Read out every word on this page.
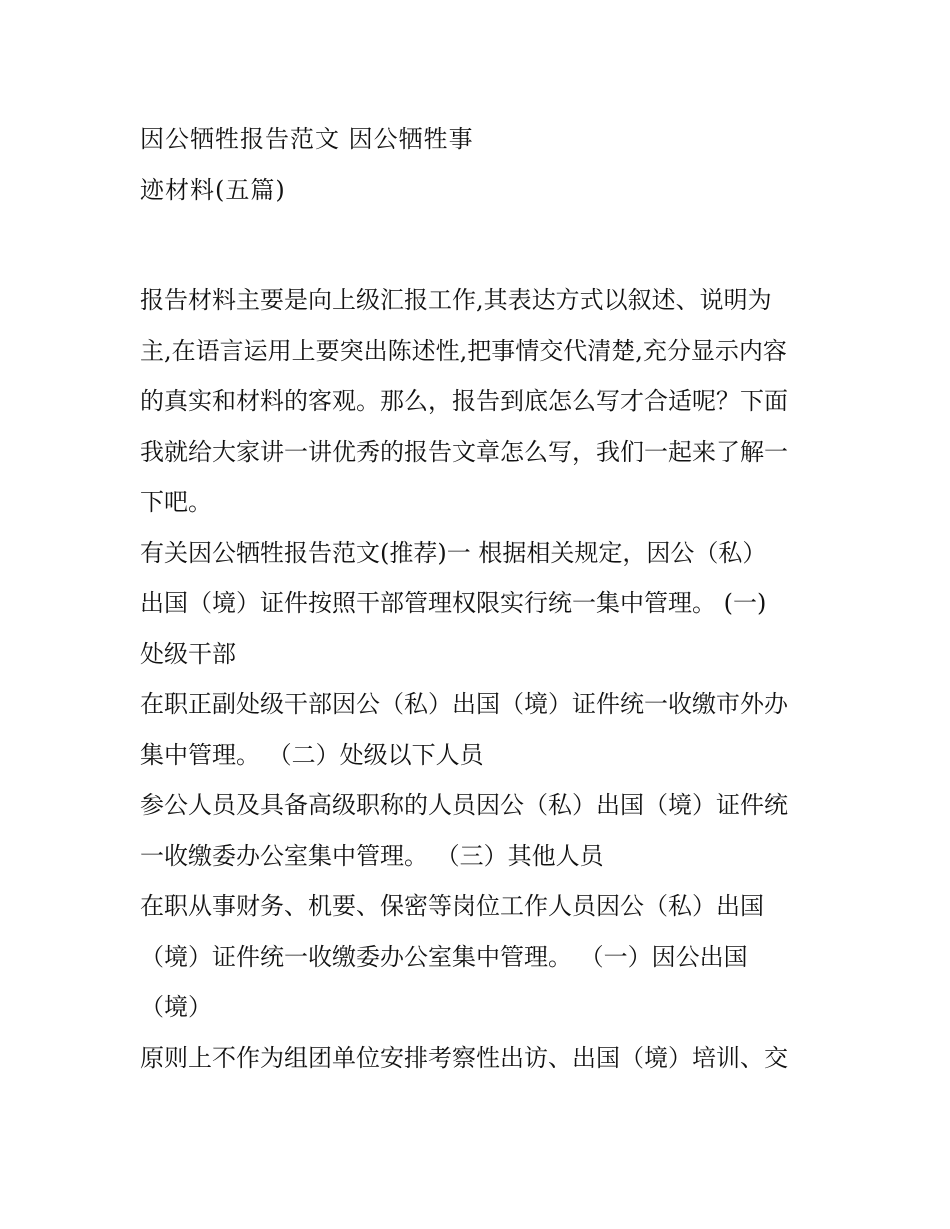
因公牺牲报告范文 因公牺牲事
迹材料(五篇)
报告材料主要是向上级汇报工作,其表达方式以叙述、说明为
主,在语言运用上要突出陈述性,把事情交代清楚,充分显示内容
的真实和材料的客观。那么，报告到底怎么写才合适呢？下面
我就给大家讲一讲优秀的报告文章怎么写，我们一起来了解一
下吧。
有关因公牺牲报告范文(推荐)一 根据相关规定，因公（私）
出国（境）证件按照干部管理权限实行统一集中管理。 (一)
处级干部
在职正副处级干部因公（私）出国（境）证件统一收缴市外办
集中管理。 （二）处级以下人员
参公人员及具备高级职称的人员因公（私）出国（境）证件统
一收缴委办公室集中管理。 （三）其他人员
在职从事财务、机要、保密等岗位工作人员因公（私）出国
（境）证件统一收缴委办公室集中管理。 （一）因公出国
（境）
原则上不作为组团单位安排考察性出访、出国（境）培训、交
